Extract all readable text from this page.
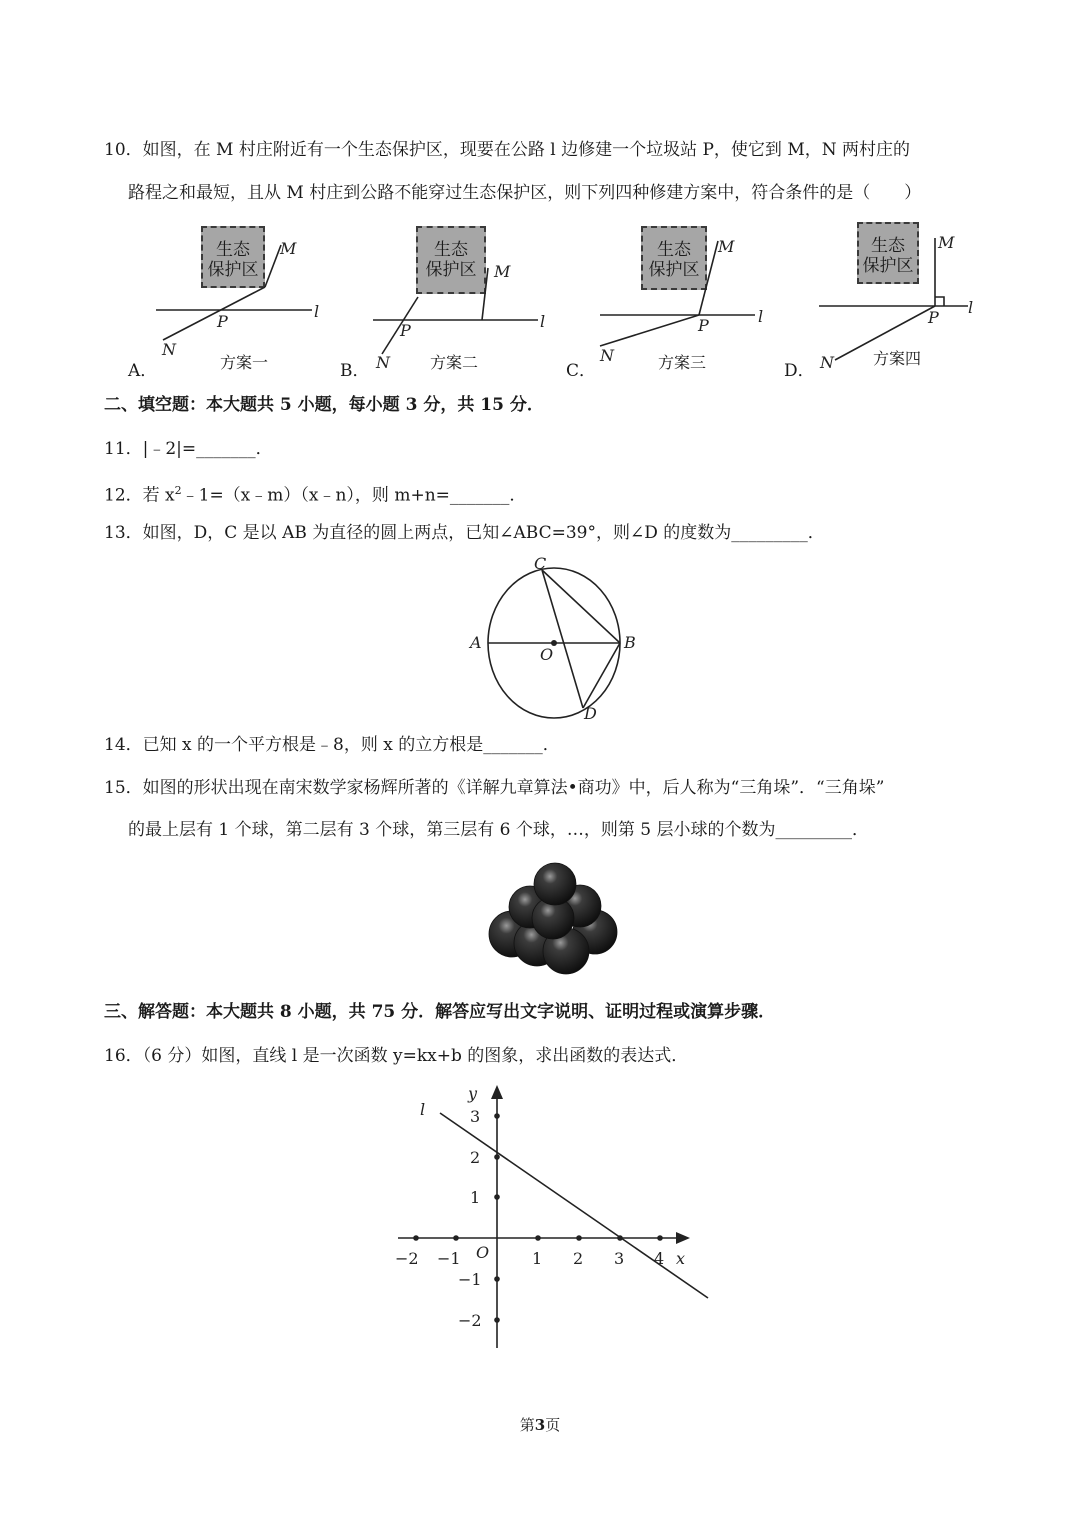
10．如图，在 M 村庄附近有一个生态保护区，现要在公路 l 边修建一个垃圾站 P，使它到 M，N 两村庄的
路程之和最短，且从 M 村庄到公路不能穿过生态保护区，则下列四种修建方案中，符合条件的是（　　）
生态
保护区
生态
保护区
生态
保护区
生态
保护区
M
P
l
N
M
P	l
N
M
P	l
N
M
P
l
N
A．	方案一	B．	方案二	C．	方案三	D．
方案四
二、填空题：本大题共 5 小题，每小题 3 分，共 15 分．
11．|﹣2|=_______．
12．若 $x^2﹣1=(x﹣m)(x﹣n)$，则 m+n=_______．
13．如图，D，C 是以 AB 为直径的圆上两点，已知∠ABC=39°，则∠D 的度数为_________．
C
A	B
O
D
14．已知 x 的一个平方根是﹣8，则 x 的立方根是_______．
15．如图的形状出现在南宋数学家杨辉所著的《详解九章算法•商功》中，后人称为“三角垛”．“三角垛”
的最上层有 1 个球，第二层有 3 个球，第三层有 6 个球，…，则第 5 层小球的个数为_________．
三、解答题：本大题共 8 小题，共 75 分．解答应写出文字说明、证明过程或演算步骤．
16．（6 分）如图，直线 l 是一次函数 y=kx+b 的图象，求出函数的表达式．
−2 −1	1 2 3 4
3
2
1
−1
−2
l
y
x
O
第3页
